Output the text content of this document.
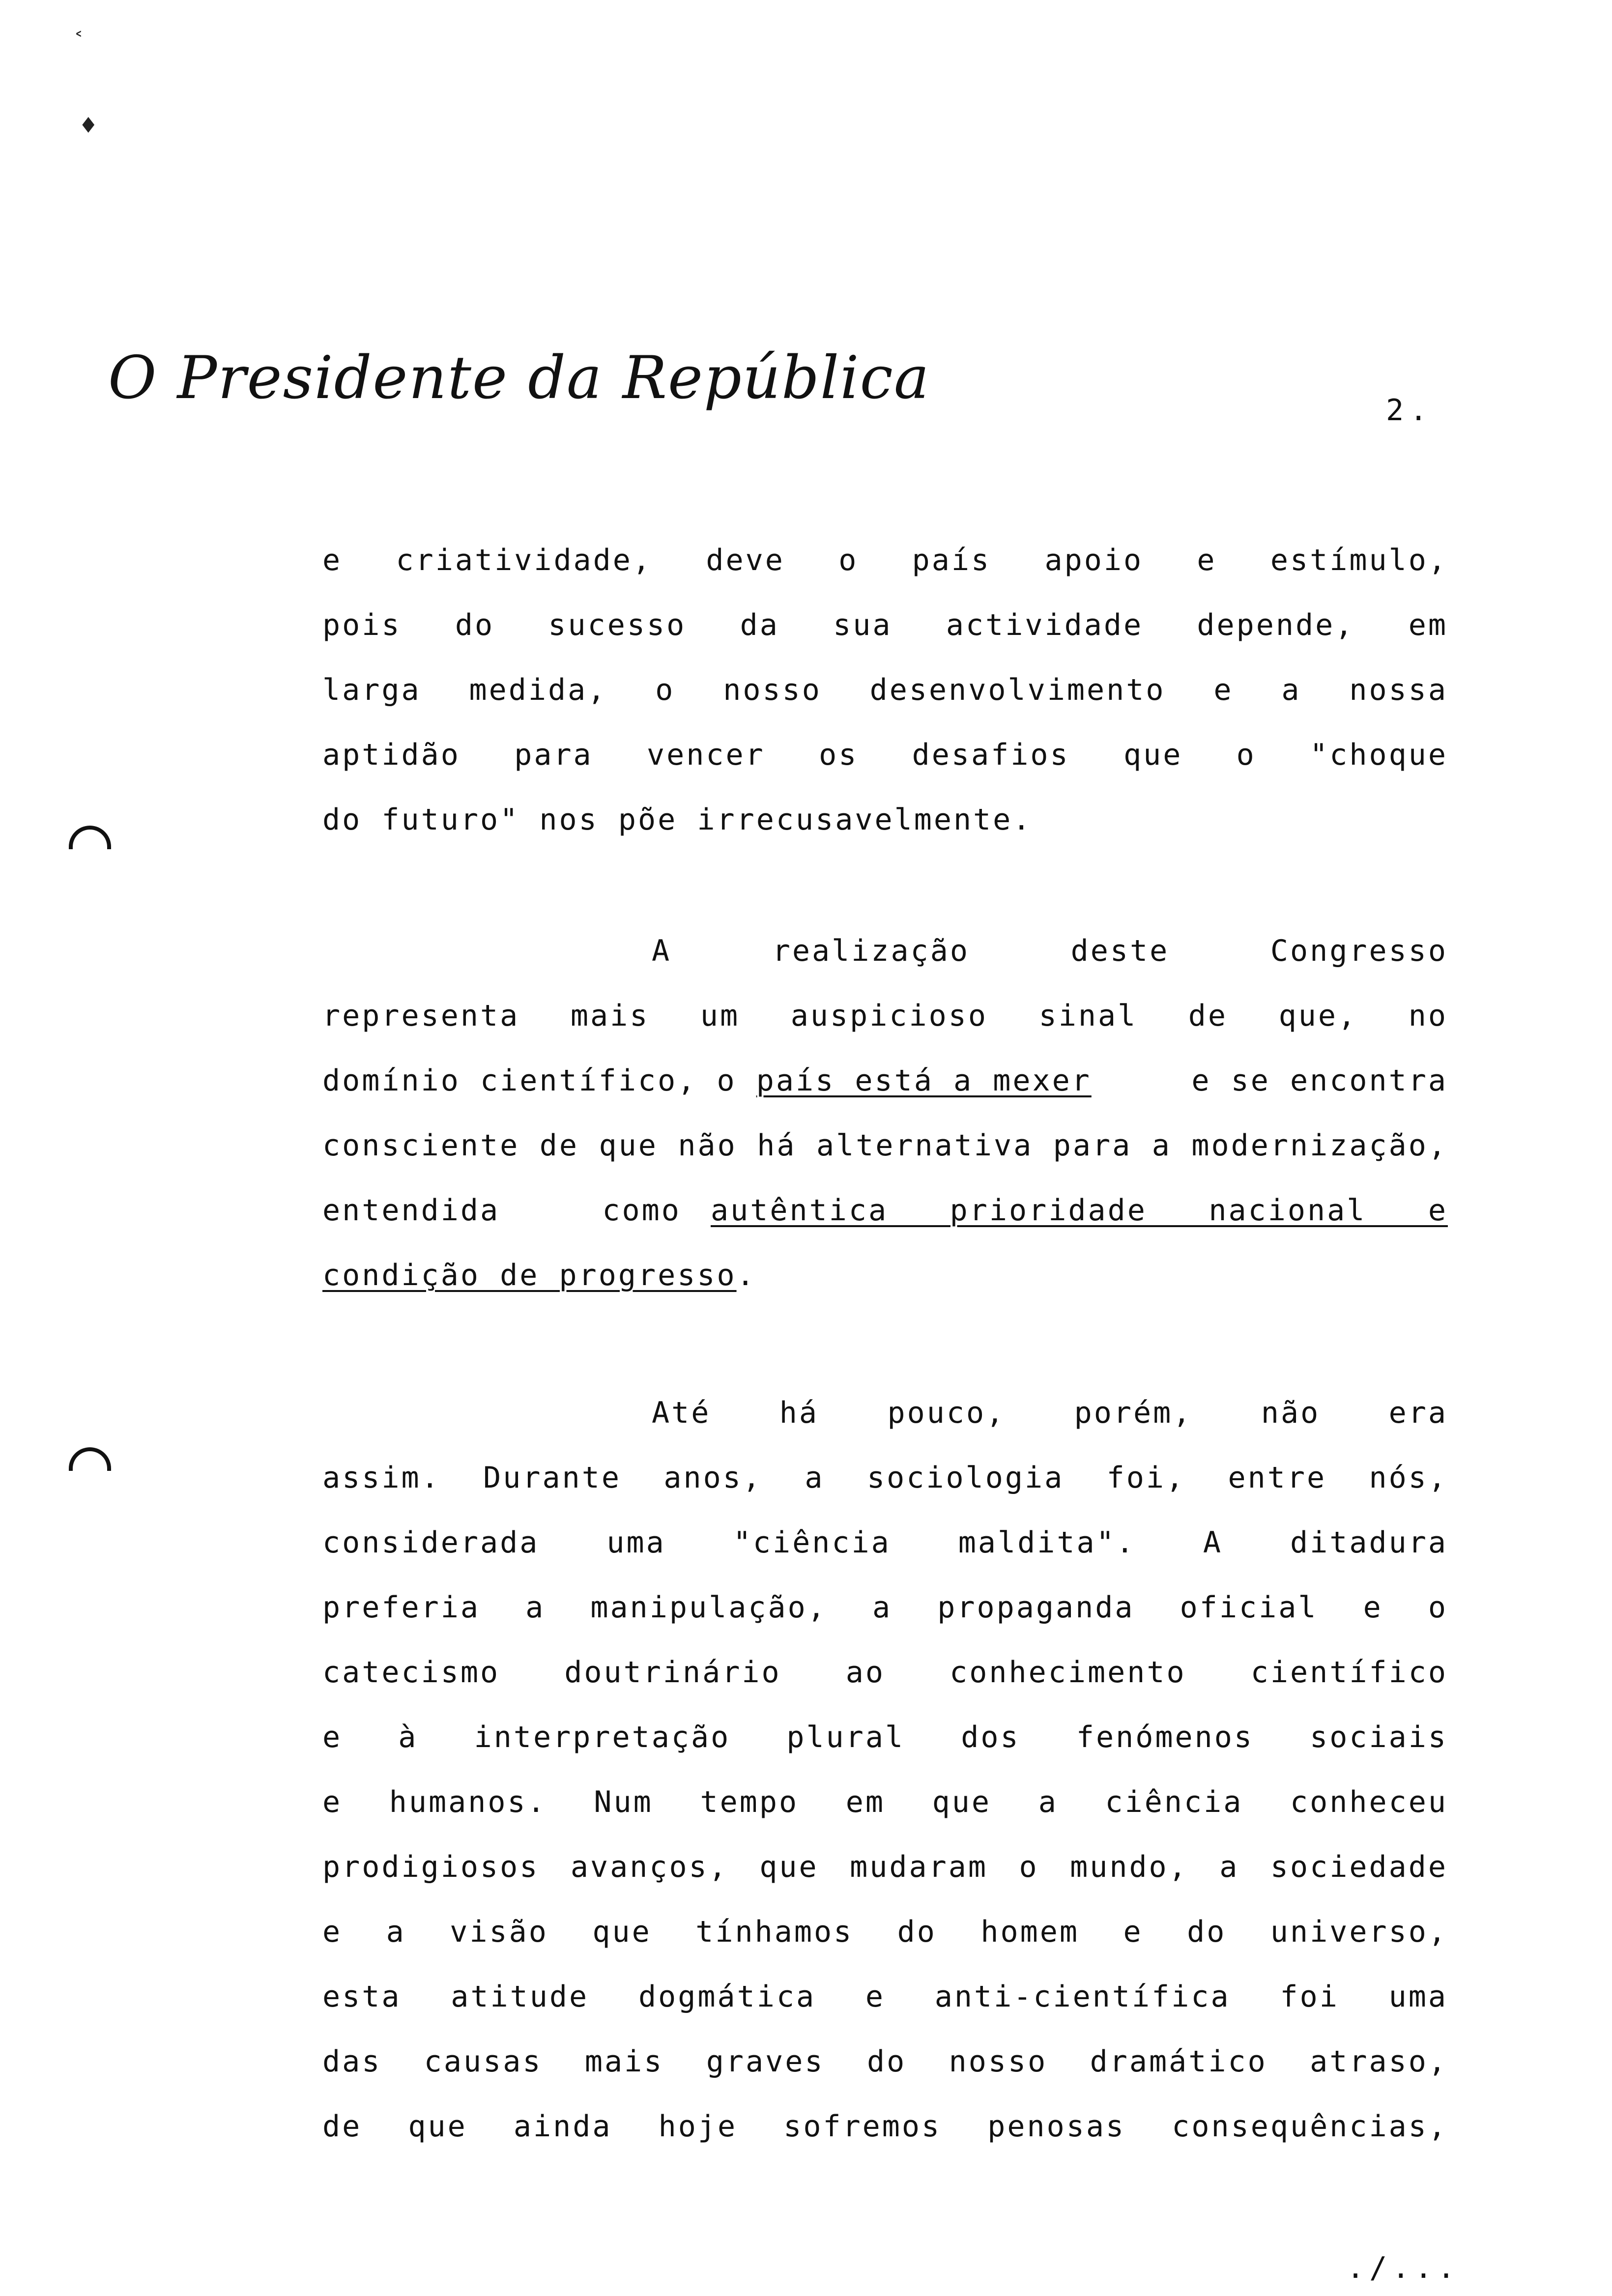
˂
♦
O Presidente da República	2.
e criatividade, deve o país apoio e estímulo,
pois do sucesso da sua actividade depende, em
larga medida, o nosso desenvolvimento e a nossa
aptidão para vencer os desafios que o "choque
do futuro" nos põe irrecusavelmente.
A realização deste Congresso
representa mais um auspicioso sinal de que, no
domínio científico, o país está a mexer	e se encontra
consciente de que não há alternativa para a modernização,
entendida como autêntica prioridade nacional e
condição de progresso.
Até há pouco, porém, não era
assim. Durante anos, a sociologia foi, entre nós,
considerada uma "ciência maldita". A ditadura
preferia a manipulação, a propaganda oficial e o
catecismo doutrinário ao conhecimento científico
e à interpretação plural dos fenómenos sociais
e humanos. Num tempo em que a ciência conheceu
prodigiosos avanços, que mudaram o mundo, a sociedade
e a visão que tínhamos do homem e do universo,
esta atitude dogmática e anti-científica foi uma
das causas mais graves do nosso dramático atraso,
de que ainda hoje sofremos penosas consequências,
./...
